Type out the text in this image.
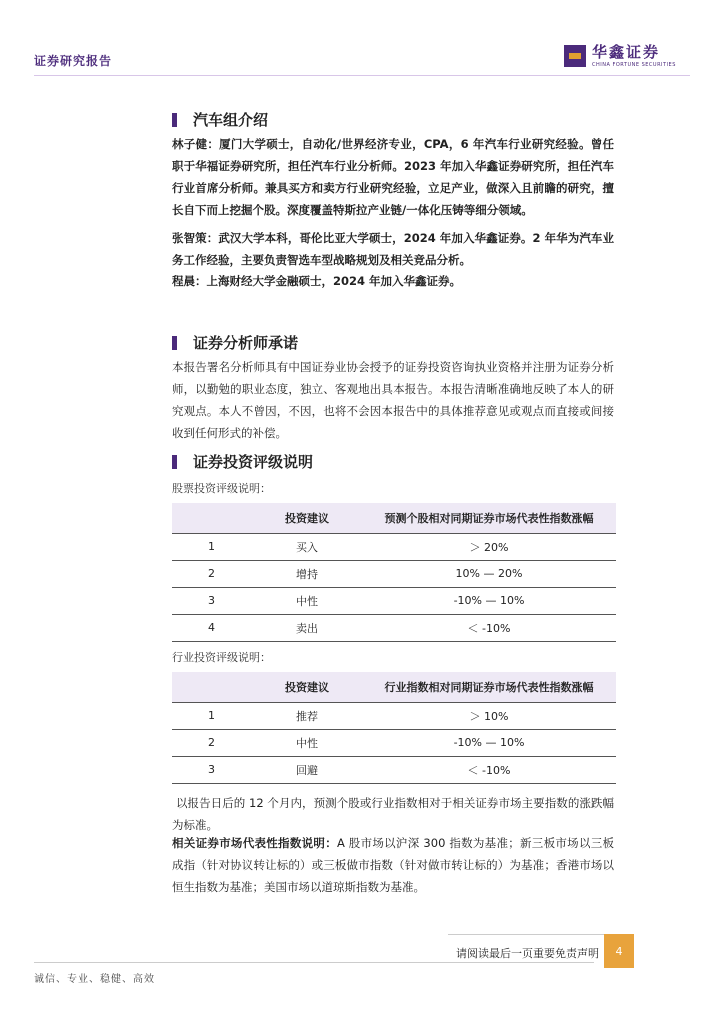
证券研究报告	华鑫证券
CHINA FORTUNE SECURITIES
汽车组介绍
林子健：厦门大学硕士，自动化/世界经济专业，CPA，6 年汽车行业研究经验。曾任职于华福证券研究所，担任汽车行业分析师。2023 年加入华鑫证券研究所，担任汽车行业首席分析师。兼具买方和卖方行业研究经验，立足产业，做深入且前瞻的研究，擅长自下而上挖掘个股。深度覆盖特斯拉产业链/一体化压铸等细分领域。
张智策：武汉大学本科，哥伦比亚大学硕士，2024 年加入华鑫证券。2 年华为汽车业务工作经验，主要负责智选车型战略规划及相关竞品分析。
程晨：上海财经大学金融硕士，2024 年加入华鑫证券。
证券分析师承诺
本报告署名分析师具有中国证券业协会授予的证券投资咨询执业资格并注册为证券分析师，以勤勉的职业态度，独立、客观地出具本报告。本报告清晰准确地反映了本人的研究观点。本人不曾因，不因，也将不会因本报告中的具体推荐意见或观点而直接或间接收到任何形式的补偿。
证券投资评级说明
股票投资评级说明：
	投资建议	预测个股相对同期证券市场代表性指数涨幅
1	买入	＞ 20%
2	增持	10% — 20%
3	中性	-10% — 10%
4	卖出	＜ -10%
行业投资评级说明：
	投资建议	行业指数相对同期证券市场代表性指数涨幅
1	推荐	＞ 10%
2	中性	-10% — 10%
3	回避	＜ -10%
以报告日后的 12 个月内，预测个股或行业指数相对于相关证券市场主要指数的涨跌幅为标准。
相关证券市场代表性指数说明：A 股市场以沪深 300 指数为基准；新三板市场以三板成指（针对协议转让标的）或三板做市指数（针对做市转让标的）为基准；香港市场以恒生指数为基准；美国市场以道琼斯指数为基准。
请阅读最后一页重要免责声明	4
诚信、专业、稳健、高效
